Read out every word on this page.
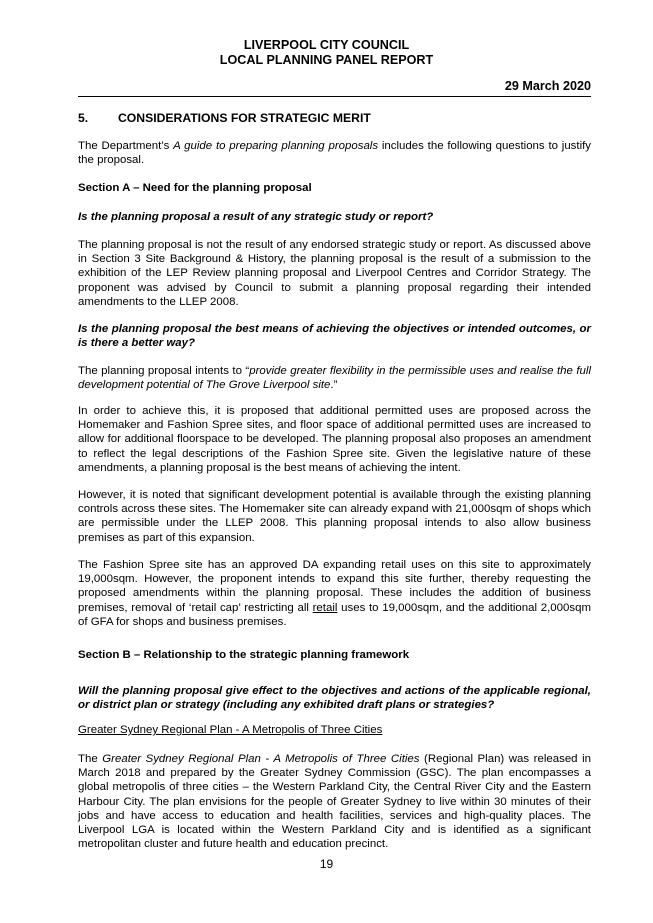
LIVERPOOL CITY COUNCIL
LOCAL PLANNING PANEL REPORT
29 March 2020
5. CONSIDERATIONS FOR STRATEGIC MERIT
The Department’s A guide to preparing planning proposals includes the following questions to justify the proposal.
Section A – Need for the planning proposal
Is the planning proposal a result of any strategic study or report?
The planning proposal is not the result of any endorsed strategic study or report. As discussed above in Section 3 Site Background & History, the planning proposal is the result of a submission to the exhibition of the LEP Review planning proposal and Liverpool Centres and Corridor Strategy. The proponent was advised by Council to submit a planning proposal regarding their intended amendments to the LLEP 2008.
Is the planning proposal the best means of achieving the objectives or intended outcomes, or is there a better way?
The planning proposal intents to “provide greater flexibility in the permissible uses and realise the full development potential of The Grove Liverpool site.”
In order to achieve this, it is proposed that additional permitted uses are proposed across the Homemaker and Fashion Spree sites, and floor space of additional permitted uses are increased to allow for additional floorspace to be developed. The planning proposal also proposes an amendment to reflect the legal descriptions of the Fashion Spree site. Given the legislative nature of these amendments, a planning proposal is the best means of achieving the intent.
However, it is noted that significant development potential is available through the existing planning controls across these sites. The Homemaker site can already expand with 21,000sqm of shops which are permissible under the LLEP 2008. This planning proposal intends to also allow business premises as part of this expansion.
The Fashion Spree site has an approved DA expanding retail uses on this site to approximately 19,000sqm. However, the proponent intends to expand this site further, thereby requesting the proposed amendments within the planning proposal. These includes the addition of business premises, removal of ‘retail cap’ restricting all retail uses to 19,000sqm, and the additional 2,000sqm of GFA for shops and business premises.
Section B – Relationship to the strategic planning framework
Will the planning proposal give effect to the objectives and actions of the applicable regional, or district plan or strategy (including any exhibited draft plans or strategies?
Greater Sydney Regional Plan - A Metropolis of Three Cities
The Greater Sydney Regional Plan - A Metropolis of Three Cities (Regional Plan) was released in March 2018 and prepared by the Greater Sydney Commission (GSC). The plan encompasses a global metropolis of three cities – the Western Parkland City, the Central River City and the Eastern Harbour City. The plan envisions for the people of Greater Sydney to live within 30 minutes of their jobs and have access to education and health facilities, services and high-quality places. The Liverpool LGA is located within the Western Parkland City and is identified as a significant metropolitan cluster and future health and education precinct.
19
